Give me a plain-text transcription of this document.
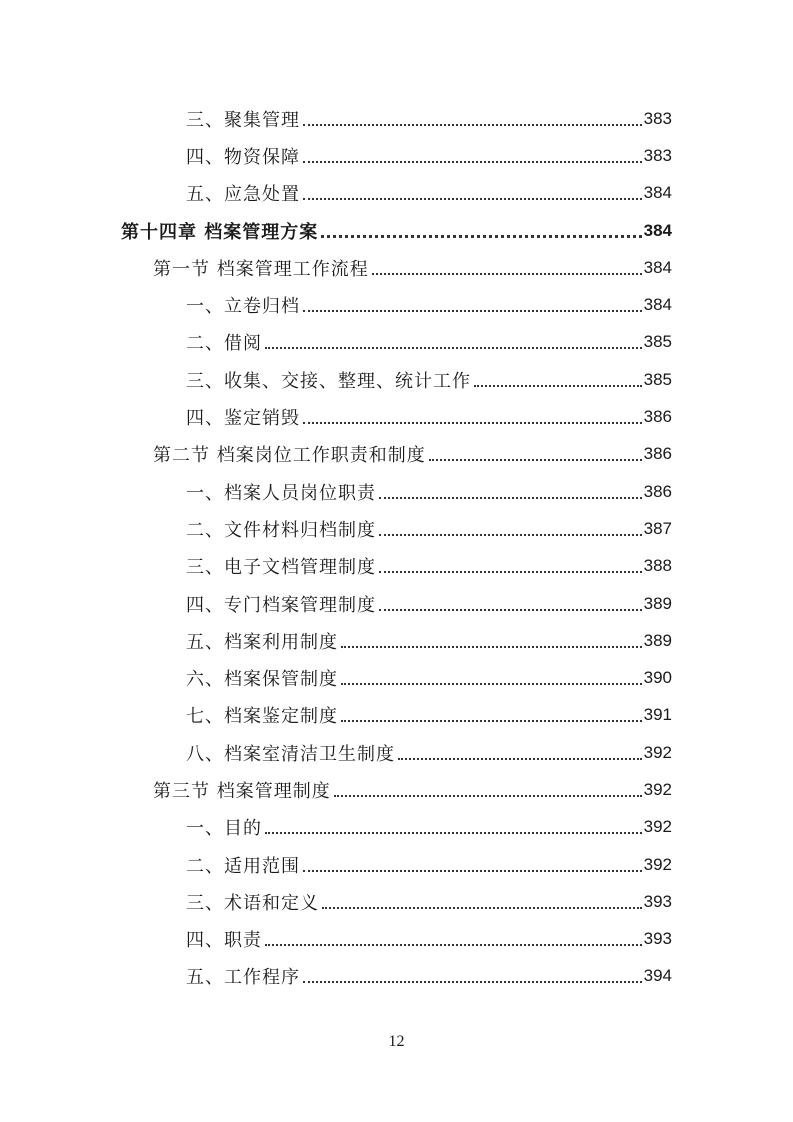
三、聚集管理	383
四、物资保障	383
五、应急处置	384
第十四章 档案管理方案	384
第一节 档案管理工作流程	384
一、立卷归档	384
二、借阅	385
三、收集、交接、整理、统计工作	385
四、鉴定销毁	386
第二节 档案岗位工作职责和制度	386
一、档案人员岗位职责	386
二、文件材料归档制度	387
三、电子文档管理制度	388
四、专门档案管理制度	389
五、档案利用制度	389
六、档案保管制度	390
七、档案鉴定制度	391
八、档案室清洁卫生制度	392
第三节 档案管理制度	392
一、目的	392
二、适用范围	392
三、术语和定义	393
四、职责	393
五、工作程序	394
12
